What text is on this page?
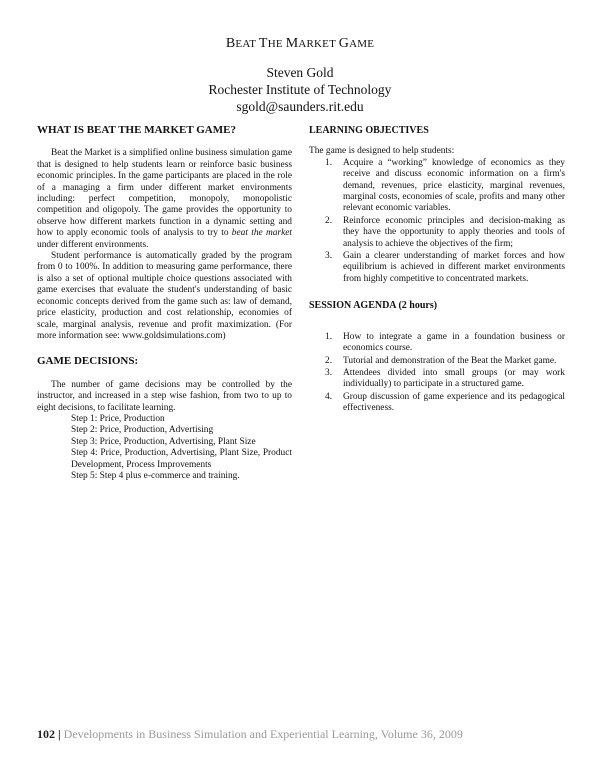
BEAT THE MARKET GAME
Steven Gold
Rochester Institute of Technology
sgold@saunders.rit.edu
WHAT IS BEAT THE MARKET GAME?

Beat the Market is a simplified online business simulation game that is designed to help students learn or reinforce basic business economic principles. In the game participants are placed in the role of a managing a firm under different market environments including: perfect competition, monopoly, monopolistic competition and oligopoly. The game provides the opportunity to observe how different markets function in a dynamic setting and how to apply economic tools of analysis to try to beat the market under different environments.

Student performance is automatically graded by the program from 0 to 100%. In addition to measuring game performance, there is also a set of optional multiple choice questions associated with game exercises that evaluate the student's understanding of basic economic concepts derived from the game such as: law of demand, price elasticity, production and cost relationship, economies of scale, marginal analysis, revenue and profit maximization. (For more information see: www.goldsimulations.com)

GAME DECISIONS:

The number of game decisions may be controlled by the instructor, and increased in a step wise fashion, from two to up to eight decisions, to facilitate learning.

Step 1: Price, Production
Step 2: Price, Production, Advertising
Step 3: Price, Production, Advertising, Plant Size
Step 4: Price, Production, Advertising, Plant Size, Product Development, Process Improvements
Step 5: Step 4 plus e-commerce and training.
LEARNING OBJECTIVES

The game is designed to help students:

1. Acquire a “working” knowledge of economics as they receive and discuss economic information on a firm's demand, revenues, price elasticity, marginal revenues, marginal costs, economies of scale, profits and many other relevant economic variables.
2. Reinforce economic principles and decision-making as they have the opportunity to apply theories and tools of analysis to achieve the objectives of the firm;
3. Gain a clearer understanding of market forces and how equilibrium is achieved in different market environments from highly competitive to concentrated markets.
SESSION AGENDA (2 hours)
1. How to integrate a game in a foundation business or economics course.
2. Tutorial and demonstration of the Beat the Market game.
3. Attendees divided into small groups (or may work individually) to participate in a structured game.
4. Group discussion of game experience and its pedagogical effectiveness.
102 | Developments in Business Simulation and Experiential Learning, Volume 36, 2009
